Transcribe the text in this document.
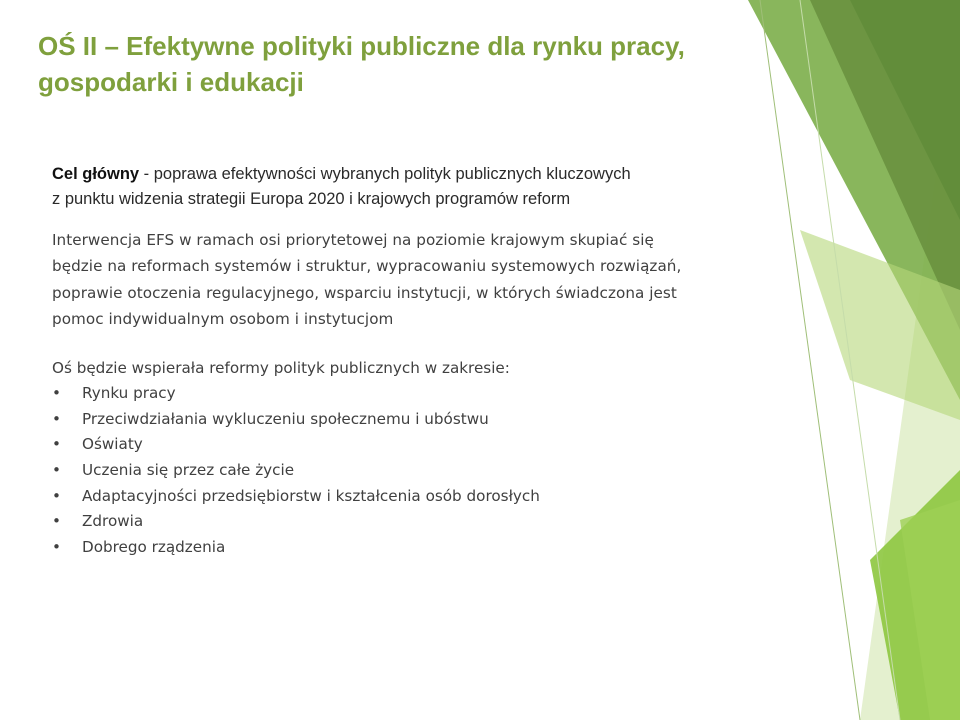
OŚ II – Efektywne polityki publiczne dla rynku pracy,
gospodarki i edukacji

Cel główny - poprawa efektywności wybranych polityk publicznych kluczowych
z punktu widzenia strategii Europa 2020 i krajowych programów reform

Interwencja EFS w ramach osi priorytetowej na poziomie krajowym skupiać się
będzie na reformach systemów i struktur, wypracowaniu systemowych rozwiązań,
poprawie otoczenia regulacyjnego, wsparciu instytucji, w których świadczona jest
pomoc indywidualnym osobom i instytucjom

Oś będzie wspierała reformy polityk publicznych w zakresie:
• Rynku pracy
• Przeciwdziałania wykluczeniu społecznemu i ubóstwu
• Oświaty
• Uczenia się przez całe życie
• Adaptacyjności przedsiębiorstw i kształcenia osób dorosłych
• Zdrowia
• Dobrego rządzenia
